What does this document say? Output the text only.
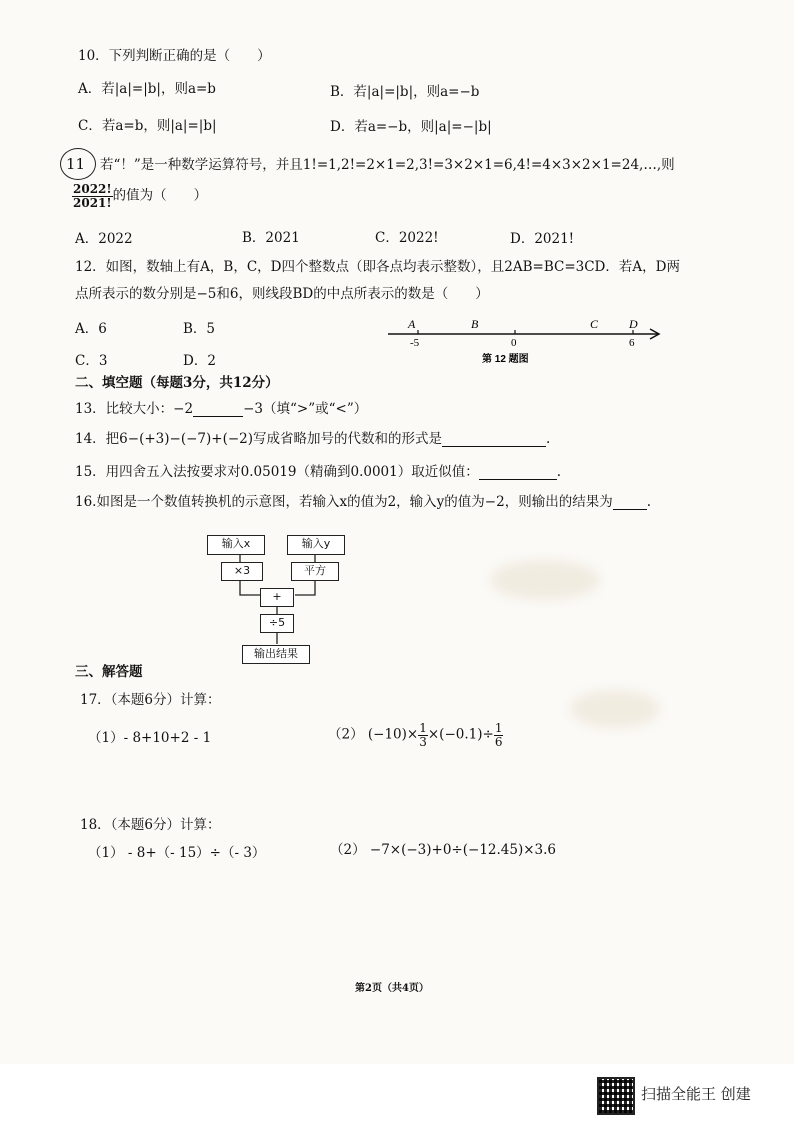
10．下列判断正确的是（　　）
A．若|a|=|b|，则a=b	B．若|a|=|b|，则a=−b
C．若a=b，则|a|=|b|	D．若a=−b，则|a|=−|b|
11 若“！”是一种数学运算符号，并且1!=1,2!=2×1=2,3!=3×2×1=6,4!=4×3×2×1=24,…,则
$\frac{2022!}{2021!}$ 的值为（　　）
A．2022	B．2021	C．2022!	D．2021!
12．如图，数轴上有A，B，C，D四个整数点（即各点均表示整数），且2AB=BC=3CD．若A，D两
点所表示的数分别是−5和6，则线段BD的中点所表示的数是（　　）
A．6	B．5
C．3	D．2
A	B	C	D
-5	0	6
第 12 题图
二、填空题（每题3分，共12分）
13．比较大小：−2	−3（填“>”或“<”）
14．把6−(+3)−(−7)+(−2)写成省略加号的代数和的形式是	.
15．用四舍五入法按要求对0.05019（精确到0.0001）取近似值：	.
16.如图是一个数值转换机的示意图，若输入x的值为2，输入y的值为−2，则输出的结果为	.
输入x	输入y
×3	平方
+
÷5
输出结果
三、解答题
17．（本题6分）计算：
（1）- 8+10+2 - 1	（2） $(-10)\times \frac{1}{3} \times(-0.1)\div \frac{1}{6}$
18．（本题6分）计算：
（1） - 8+（- 15）÷（- 3）	（2） −7×(−3)+0÷(−12.45)×3.6
第2页（共4页）
扫描全能王 创建
